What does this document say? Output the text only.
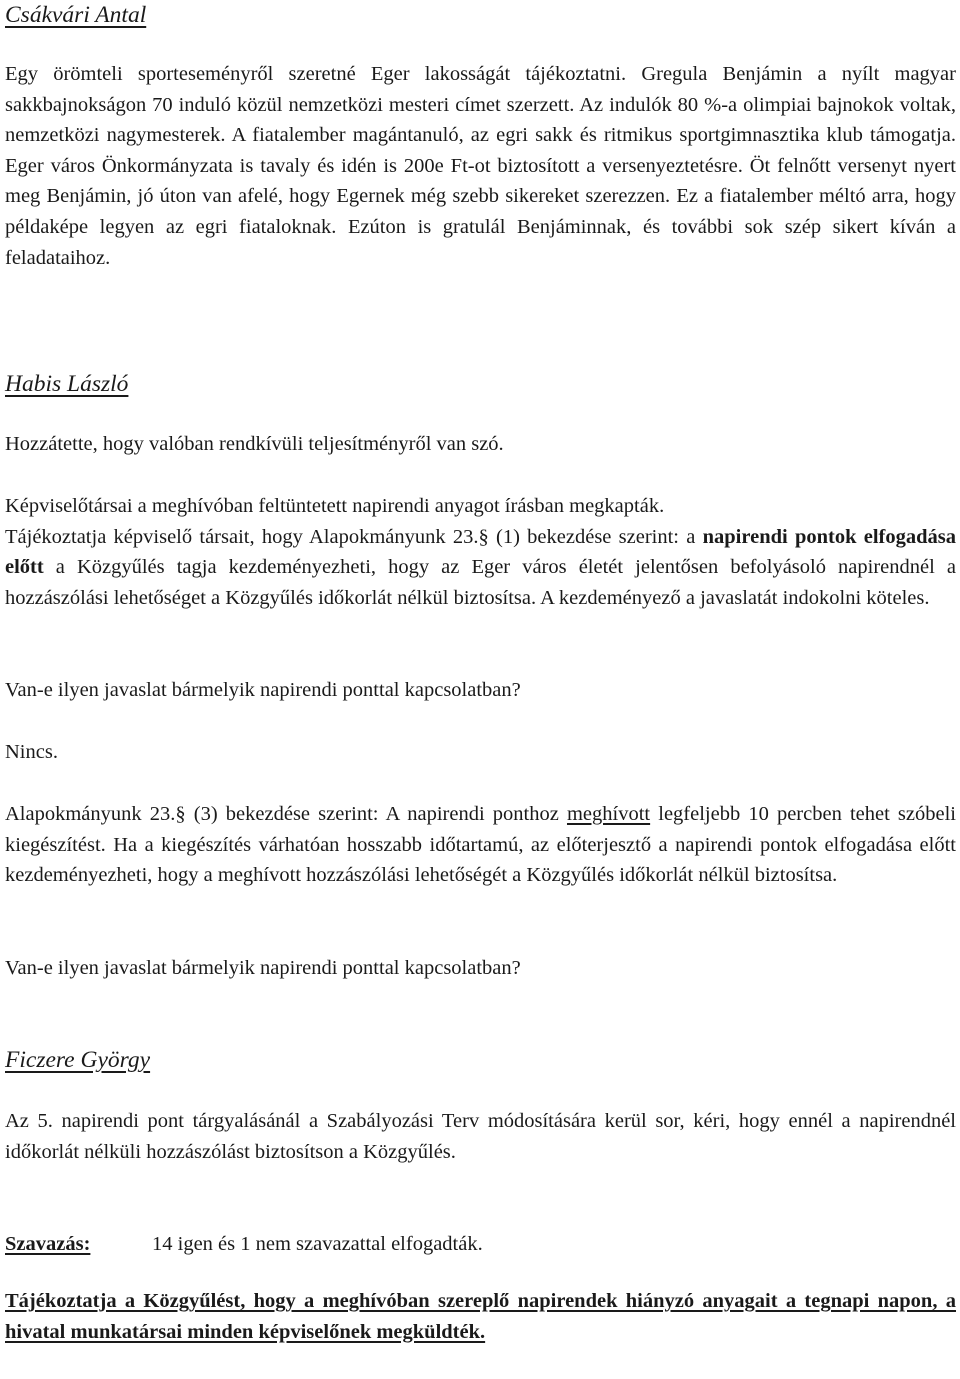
Csákvári Antal

Egy örömteli sporteseményről szeretné Eger lakosságát tájékoztatni. Gregula Benjámin a nyílt magyar sakkbajnokságon 70 induló közül nemzetközi mesteri címet szerzett. Az indulók 80 %-a olimpiai bajnokok voltak, nemzetközi nagymesterek. A fiatalember magántanuló, az egri sakk és ritmikus sportgimnasztika klub támogatja. Eger város Önkormányzata is tavaly és idén is 200e Ft-ot biztosított a versenyeztetésre. Öt felnőtt versenyt nyert meg Benjámin, jó úton van afelé, hogy Egernek még szebb sikereket szerezzen. Ez a fiatalember méltó arra, hogy példaképe legyen az egri fiataloknak. Ezúton is gratulál Benjáminnak, és további sok szép sikert kíván a feladataihoz.

Habis László

Hozzátette, hogy valóban rendkívüli teljesítményről van szó.

Képviselőtársai a meghívóban feltüntetett napirendi anyagot írásban megkapták.
Tájékoztatja képviselő társait, hogy Alapokmányunk 23.§ (1) bekezdése szerint: a napirendi pontok elfogadása előtt a Közgyűlés tagja kezdeményezheti, hogy az Eger város életét jelentősen befolyásoló napirendnél a hozzászólási lehetőséget a Közgyűlés időkorlát nélkül biztosítsa. A kezdeményező a javaslatát indokolni köteles.

Van-e ilyen javaslat bármelyik napirendi ponttal kapcsolatban?

Nincs.

Alapokmányunk 23.§ (3) bekezdése szerint: A napirendi ponthoz meghívott legfeljebb 10 percben tehet szóbeli kiegészítést. Ha a kiegészítés várhatóan hosszabb időtartamú, az előterjesztő a napirendi pontok elfogadása előtt kezdeményezheti, hogy a meghívott hozzászólási lehetőségét a Közgyűlés időkorlát nélkül biztosítsa.

Van-e ilyen javaslat bármelyik napirendi ponttal kapcsolatban?

Ficzere György

Az 5. napirendi pont tárgyalásánál a Szabályozási Terv módosítására kerül sor, kéri, hogy ennél a napirendnél időkorlát nélküli hozzászólást biztosítson a Közgyűlés.

Szavazás:	14 igen és 1 nem szavazattal elfogadták.

Tájékoztatja a Közgyűlést, hogy a meghívóban szereplő napirendek hiányzó anyagait a tegnapi napon, a hivatal munkatársai minden képviselőnek megküldték.
